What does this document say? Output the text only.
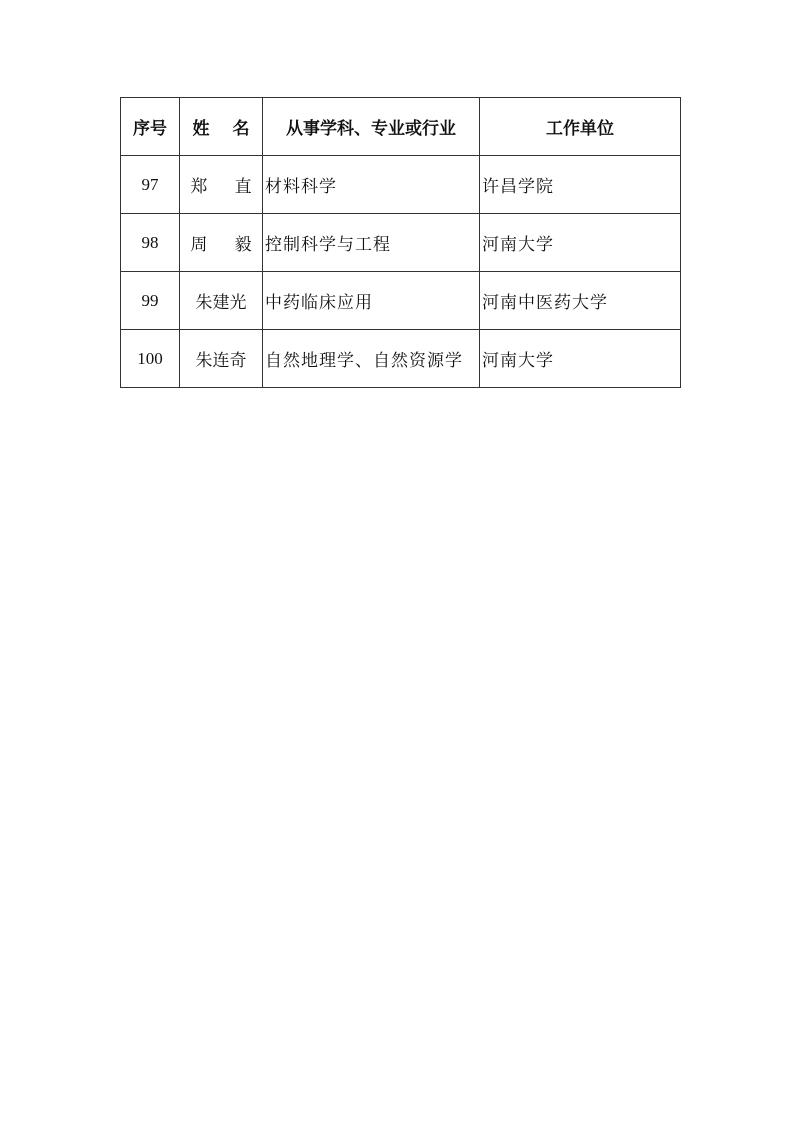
序号	姓 名	从事学科、专业或行业	工作单位
97	郑直	材料科学	许昌学院
98	周毅	控制科学与工程	河南大学
99	朱建光	中药临床应用	河南中医药大学
100	朱连奇	自然地理学、自然资源学	河南大学
